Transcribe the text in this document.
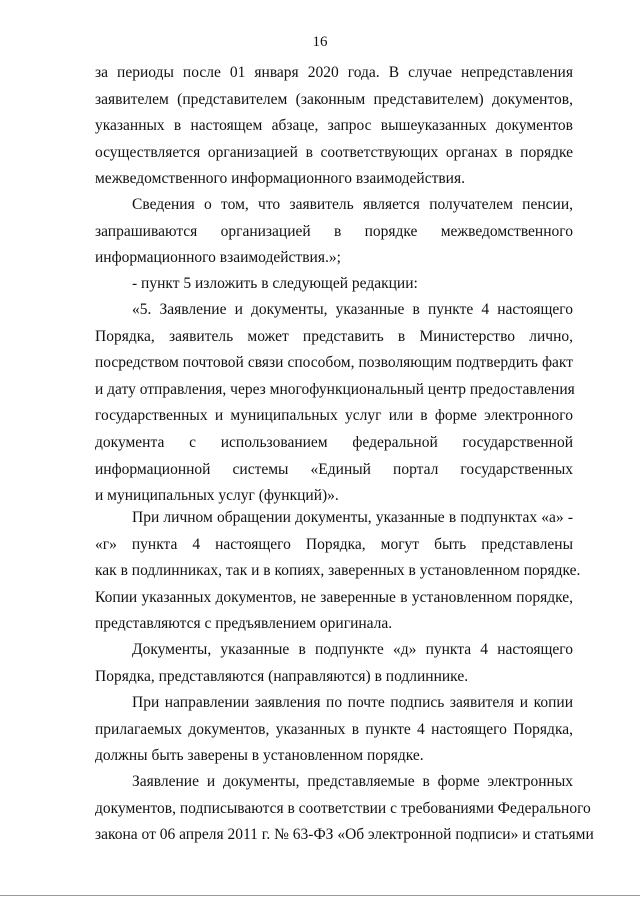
16
за периоды после 01 января 2020 года. В случае непредставления
заявителем (представителем (законным представителем) документов,
указанных в настоящем абзаце, запрос вышеуказанных документов
осуществляется организацией в соответствующих органах в порядке
межведомственного информационного взаимодействия.
Сведения о том, что заявитель является получателем пенсии,
запрашиваются организацией в порядке межведомственного
информационного взаимодействия.»;
- пункт 5 изложить в следующей редакции:
«5. Заявление и документы, указанные в пункте 4 настоящего
Порядка, заявитель может представить в Министерство лично,
посредством почтовой связи способом, позволяющим подтвердить факт
и дату отправления, через многофункциональный центр предоставления
государственных и муниципальных услуг или в форме электронного
документа с использованием федеральной государственной
информационной системы «Единый портал государственных
и муниципальных услуг (функций)».
При личном обращении документы, указанные в подпунктах «а» -
«г» пункта 4 настоящего Порядка, могут быть представлены
как в подлинниках, так и в копиях, заверенных в установленном порядке.
Копии указанных документов, не заверенные в установленном порядке,
представляются с предъявлением оригинала.
Документы, указанные в подпункте «д» пункта 4 настоящего
Порядка, представляются (направляются) в подлиннике.
При направлении заявления по почте подпись заявителя и копии
прилагаемых документов, указанных в пункте 4 настоящего Порядка,
должны быть заверены в установленном порядке.
Заявление и документы, представляемые в форме электронных
документов, подписываются в соответствии с требованиями Федерального
закона от 06 апреля 2011 г. № 63-ФЗ «Об электронной подписи» и статьями
